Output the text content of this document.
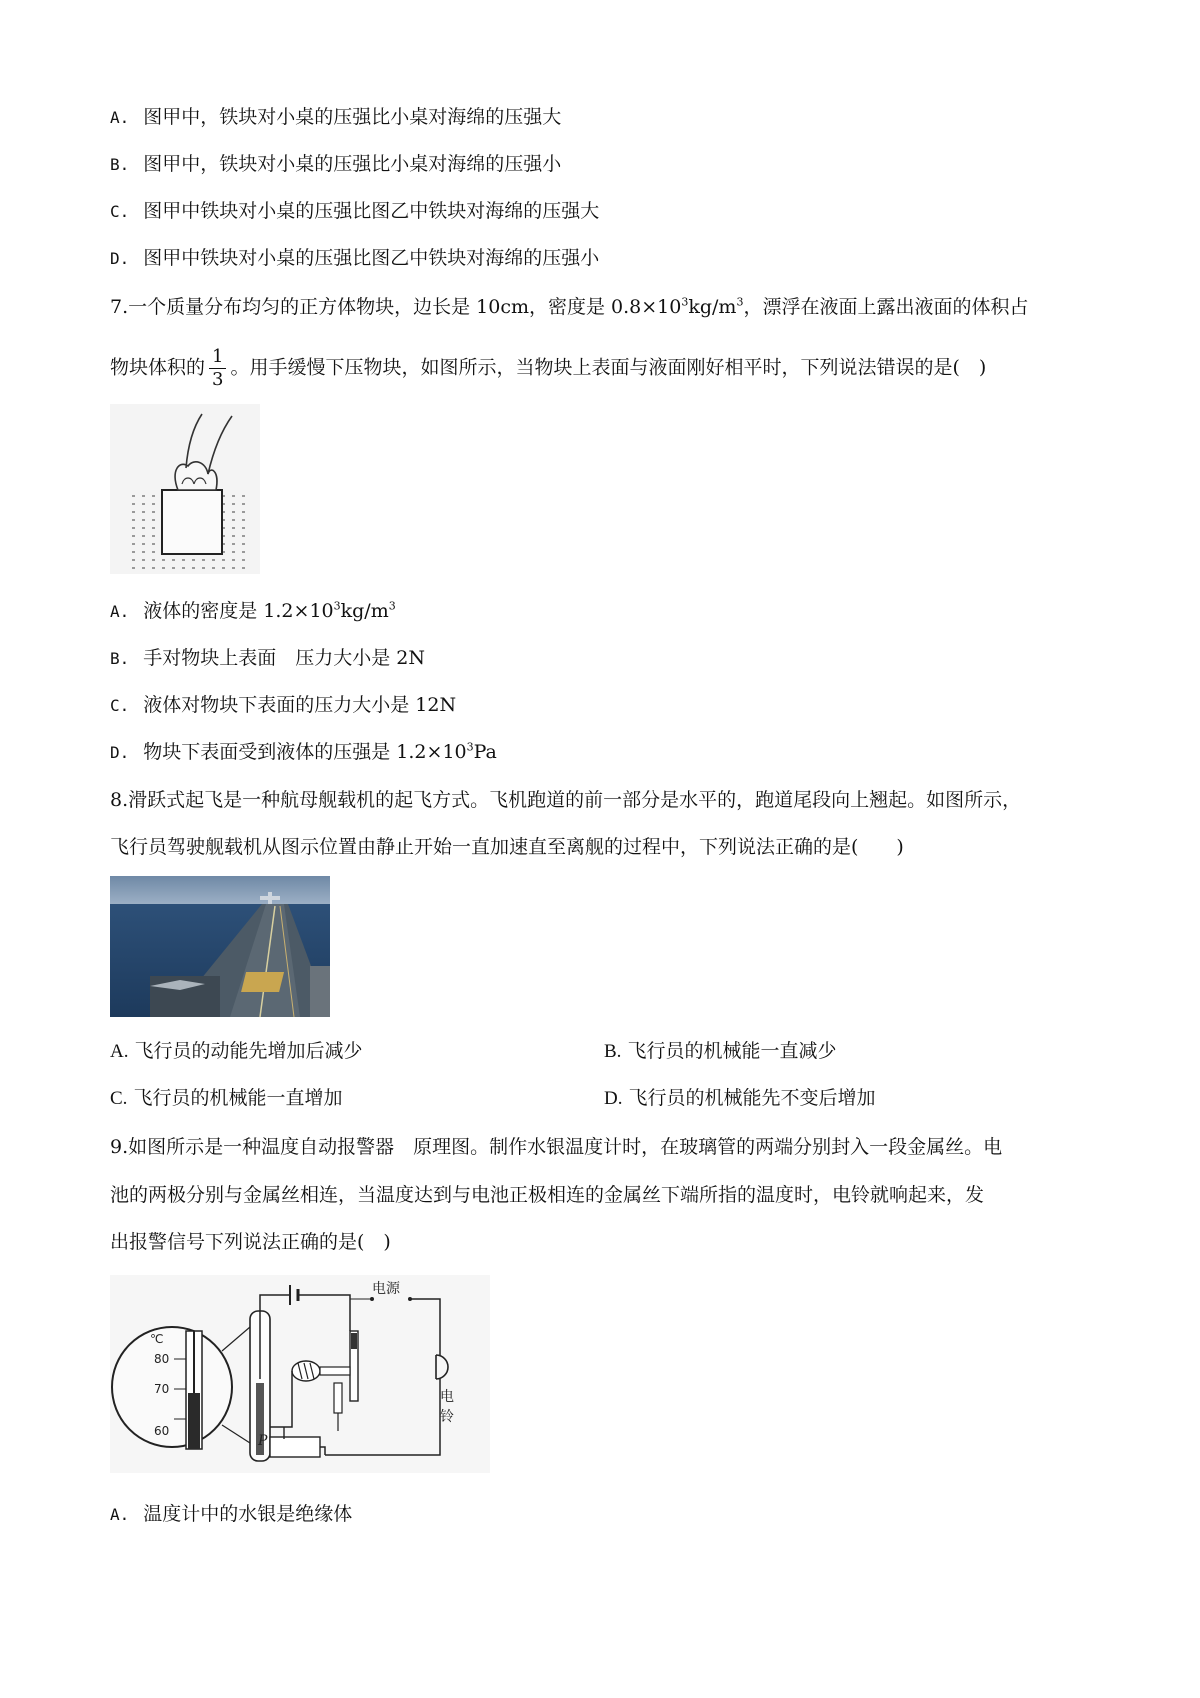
A. 图甲中，铁块对小桌的压强比小桌对海绵的压强大
B. 图甲中，铁块对小桌的压强比小桌对海绵的压强小
C. 图甲中铁块对小桌的压强比图乙中铁块对海绵的压强大
D. 图甲中铁块对小桌的压强比图乙中铁块对海绵的压强小
7.一个质量分布均匀的正方体物块，边长是 10cm，密度是 $0.8\times 10^3kg/m^3$，漂浮在液面上露出液面的体积占
物块体积的 $\frac{1}{3}$ 。用手缓慢下压物块，如图所示，当物块上表面与液面刚好相平时，下列说法错误的是(　)
A. 液体的密度是 $1.2\times 10^3kg/m^3$
B. 手对物块上表面　压力大小是 2N
C. 液体对物块下表面的压力大小是 12N
D. 物块下表面受到液体的压强是 $1.2\times 10^3Pa$
8.滑跃式起飞是一种航母舰载机的起飞方式。飞机跑道的前一部分是水平的，跑道尾段向上翘起。如图所示，
飞行员驾驶舰载机从图示位置由静止开始一直加速直至离舰的过程中，下列说法正确的是(　　)
A. 飞行员的动能先增加后减少	B. 飞行员的机械能一直减少
C. 飞行员的机械能一直增加	D. 飞行员的机械能先不变后增加
9.如图所示是一种温度自动报警器　原理图。制作水银温度计时，在玻璃管的两端分别封入一段金属丝。电
池的两极分别与金属丝相连，当温度达到与电池正极相连的金属丝下端所指的温度时，电铃就响起来，发
出报警信号下列说法正确的是(　)
℃
80
70
60
电源
电
铃
P
A. 温度计中的水银是绝缘体
